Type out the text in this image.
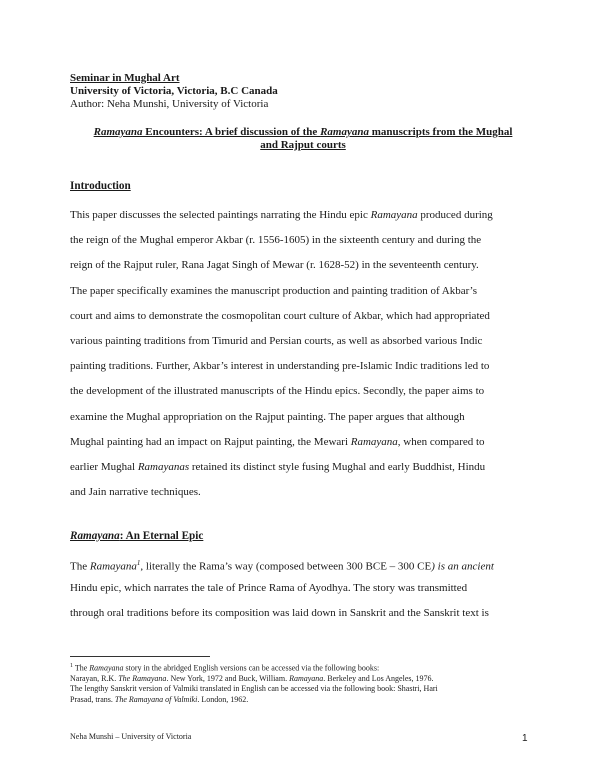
Seminar in Mughal Art
University of Victoria, Victoria, B.C Canada
Author: Neha Munshi, University of Victoria
Ramayana Encounters: A brief discussion of the Ramayana manuscripts from the Mughal
and Rajput courts
Introduction
This paper discusses the selected paintings narrating the Hindu epic Ramayana produced during
the reign of the Mughal emperor Akbar (r. 1556-1605) in the sixteenth century and during the
reign of the Rajput ruler, Rana Jagat Singh of Mewar (r. 1628-52) in the seventeenth century.
The paper specifically examines the manuscript production and painting tradition of Akbar’s
court and aims to demonstrate the cosmopolitan court culture of Akbar, which had appropriated
various painting traditions from Timurid and Persian courts, as well as absorbed various Indic
painting traditions. Further, Akbar’s interest in understanding pre-Islamic Indic traditions led to
the development of the illustrated manuscripts of the Hindu epics. Secondly, the paper aims to
examine the Mughal appropriation on the Rajput painting. The paper argues that although
Mughal painting had an impact on Rajput painting, the Mewari Ramayana, when compared to
earlier Mughal Ramayanas retained its distinct style fusing Mughal and early Buddhist, Hindu
and Jain narrative techniques.
Ramayana: An Eternal Epic
The Ramayana$^1$, literally the Rama’s way (composed between 300 BCE – 300 CE) is an ancient
Hindu epic, which narrates the tale of Prince Rama of Ayodhya. The story was transmitted
through oral traditions before its composition was laid down in Sanskrit and the Sanskrit text is
$^1$ The Ramayana story in the abridged English versions can be accessed via the following books:
Narayan, R.K. The Ramayana. New York, 1972 and Buck, William. Ramayana. Berkeley and Los Angeles, 1976.
The lengthy Sanskrit version of Valmiki translated in English can be accessed via the following book: Shastri, Hari
Prasad, trans. The Ramayana of Valmiki. London, 1962.
Neha Munshi – University of Victoria	1
